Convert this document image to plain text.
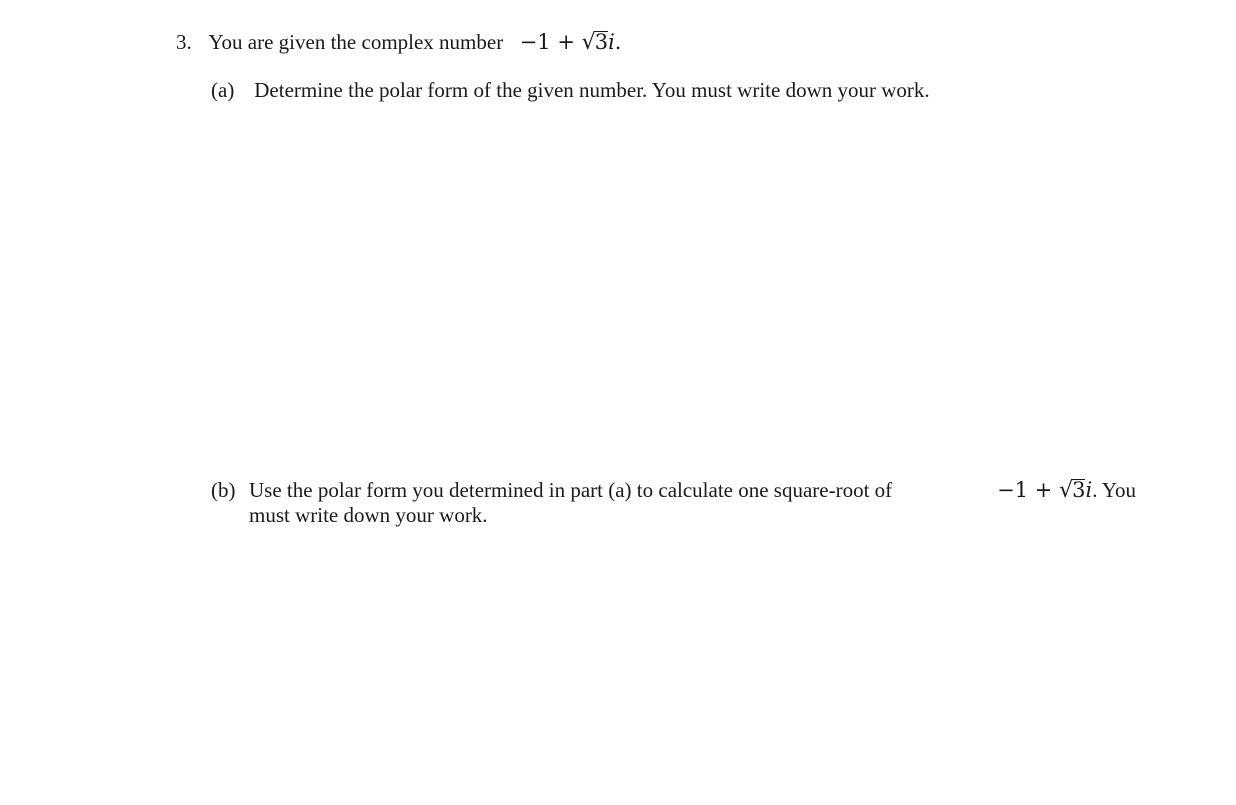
3. You are given the complex number −1 + √3i.
(a) Determine the polar form of the given number. You must write down your work.
(b) Use the polar form you determined in part (a) to calculate one square-root of	−1 + √3i. You
must write down your work.
